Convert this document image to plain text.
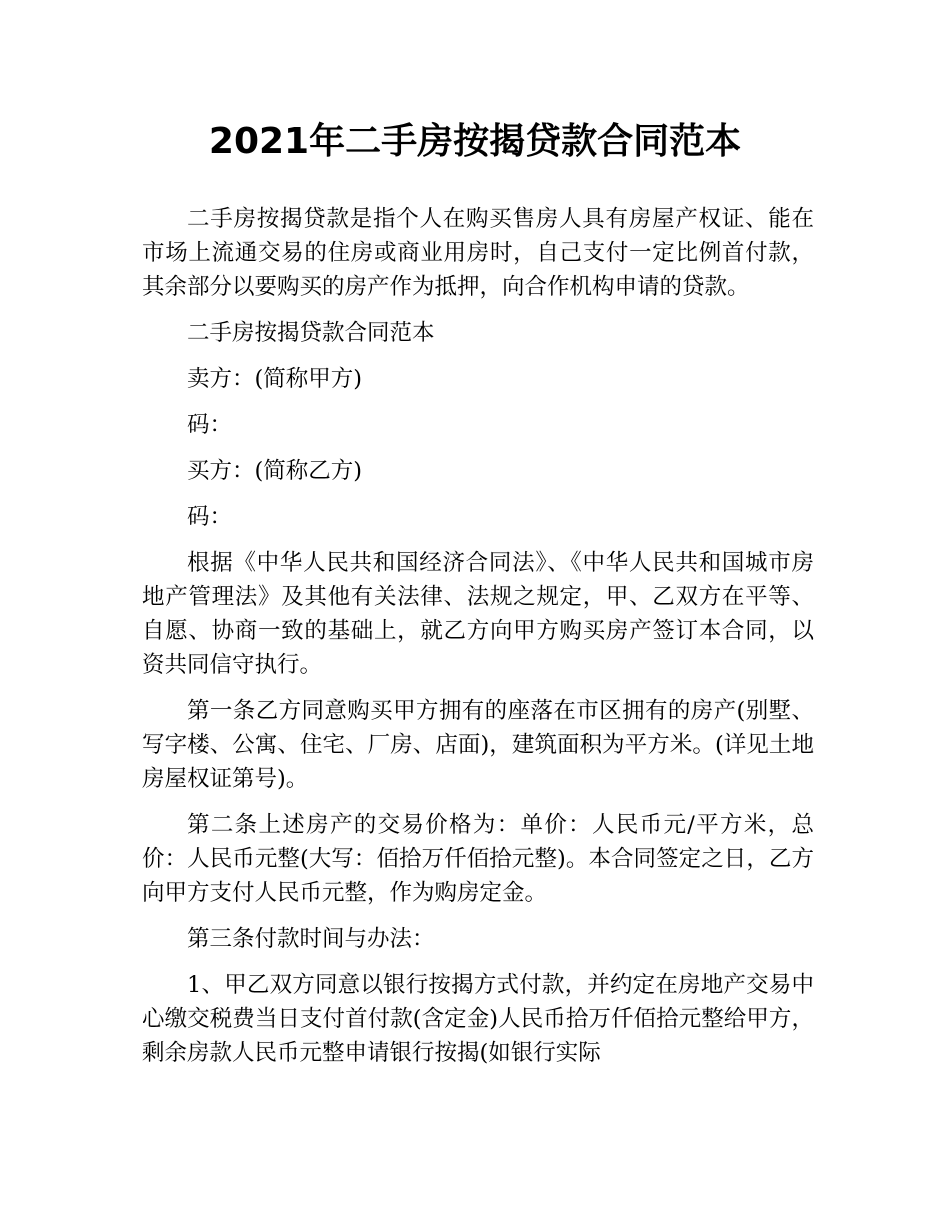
2021年二手房按揭贷款合同范本

二手房按揭贷款是指个人在购买售房人具有房屋产权证、能在市场上流通交易的住房或商业用房时，自己支付一定比例首付款，其余部分以要购买的房产作为抵押，向合作机构申请的贷款。

二手房按揭贷款合同范本

卖方：(简称甲方)

码：

买方：(简称乙方)

码：

根据《中华人民共和国经济合同法》、《中华人民共和国城市房地产管理法》及其他有关法律、法规之规定，甲、乙双方在平等、自愿、协商一致的基础上，就乙方向甲方购买房产签订本合同，以资共同信守执行。

第一条乙方同意购买甲方拥有的座落在市区拥有的房产(别墅、写字楼、公寓、住宅、厂房、店面)，建筑面积为平方米。(详见土地房屋权证第号)。

第二条上述房产的交易价格为：单价：人民币元/平方米，总价：人民币元整(大写：佰拾万仟佰拾元整)。本合同签定之日，乙方向甲方支付人民币元整，作为购房定金。

第三条付款时间与办法：

1、甲乙双方同意以银行按揭方式付款，并约定在房地产交易中心缴交税费当日支付首付款(含定金)人民币拾万仟佰拾元整给甲方，剩余房款人民币元整申请银行按揭(如银行实际
